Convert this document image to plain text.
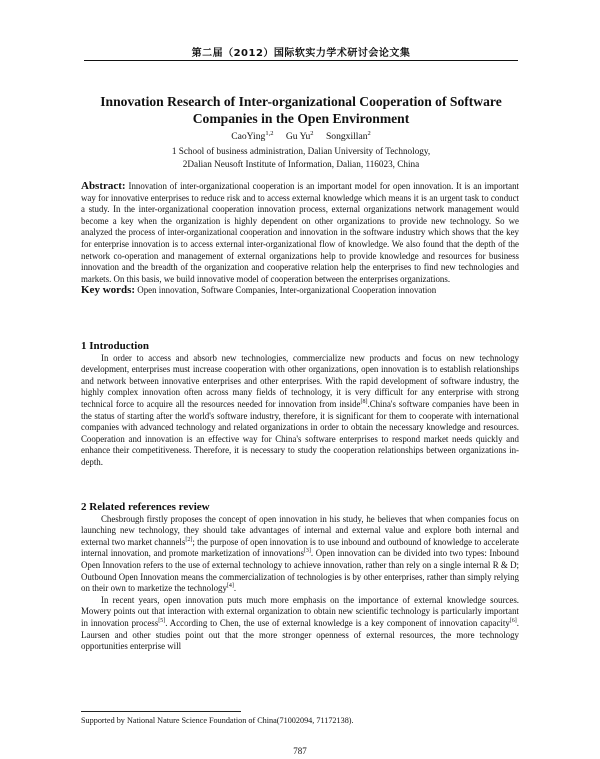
第二届（2012）国际软实力学术研讨会论文集
Innovation Research of Inter-organizational Cooperation of Software Companies in the Open Environment
CaoYing$^{1,2}$ Gu Yu$^2$ Songxillan$^2$
1 School of business administration, Dalian University of Technology,
2Dalian Neusoft Institute of Information, Dalian, 116023, China

Abstract: Innovation of inter-organizational cooperation is an important model for open innovation. It is an important way for innovative enterprises to reduce risk and to access external knowledge which means it is an urgent task to conduct a study. In the inter-organizational cooperation innovation process, external organizations network management would become a key when the organization is highly dependent on other organizations to provide new technology. So we analyzed the process of inter-organizational cooperation and innovation in the software industry which shows that the key for enterprise innovation is to access external inter-organizational flow of knowledge. We also found that the depth of the network co-operation and management of external organizations help to provide knowledge and resources for business innovation and the breadth of the organization and cooperative relation help the enterprises to find new technologies and markets. On this basis, we build innovative model of cooperation between the enterprises organizations.

Key words: Open innovation, Software Companies, Inter-organizational Cooperation innovation

1 Introduction

In order to access and absorb new technologies, commercialize new products and focus on new technology development, enterprises must increase cooperation with other organizations, open innovation is to establish relationships and network between innovative enterprises and other enterprises. With the rapid development of software industry, the highly complex innovation often across many fields of technology, it is very difficult for any enterprise with strong technical force to acquire all the resources needed for innovation from inside[8].China's software companies have been in the status of starting after the world's software industry, therefore, it is significant for them to cooperate with international companies with advanced technology and related organizations in order to obtain the necessary knowledge and resources. Cooperation and innovation is an effective way for China's software enterprises to respond market needs quickly and enhance their competitiveness. Therefore, it is necessary to study the cooperation relationships between organizations in-depth.

2 Related references review

Chesbrough firstly proposes the concept of open innovation in his study, he believes that when companies focus on launching new technology, they should take advantages of internal and external value and explore both internal and external two market channels[2]; the purpose of open innovation is to use inbound and outbound of knowledge to accelerate internal innovation, and promote marketization of innovations[3]. Open innovation can be divided into two types: Inbound Open Innovation refers to the use of external technology to achieve innovation, rather than rely on a single internal R & D; Outbound Open Innovation means the commercialization of technologies is by other enterprises, rather than simply relying on their own to marketize the technology[4].

In recent years, open innovation puts much more emphasis on the importance of external knowledge sources. Mowery points out that interaction with external organization to obtain new scientific technology is particularly important in innovation process[5]. According to Chen, the use of external knowledge is a key component of innovation capacity[6]. Laursen and other studies point out that the more stronger openness of external resources, the more technology opportunities enterprise will

Supported by National Nature Science Foundation of China(71002094, 71172138).
787
